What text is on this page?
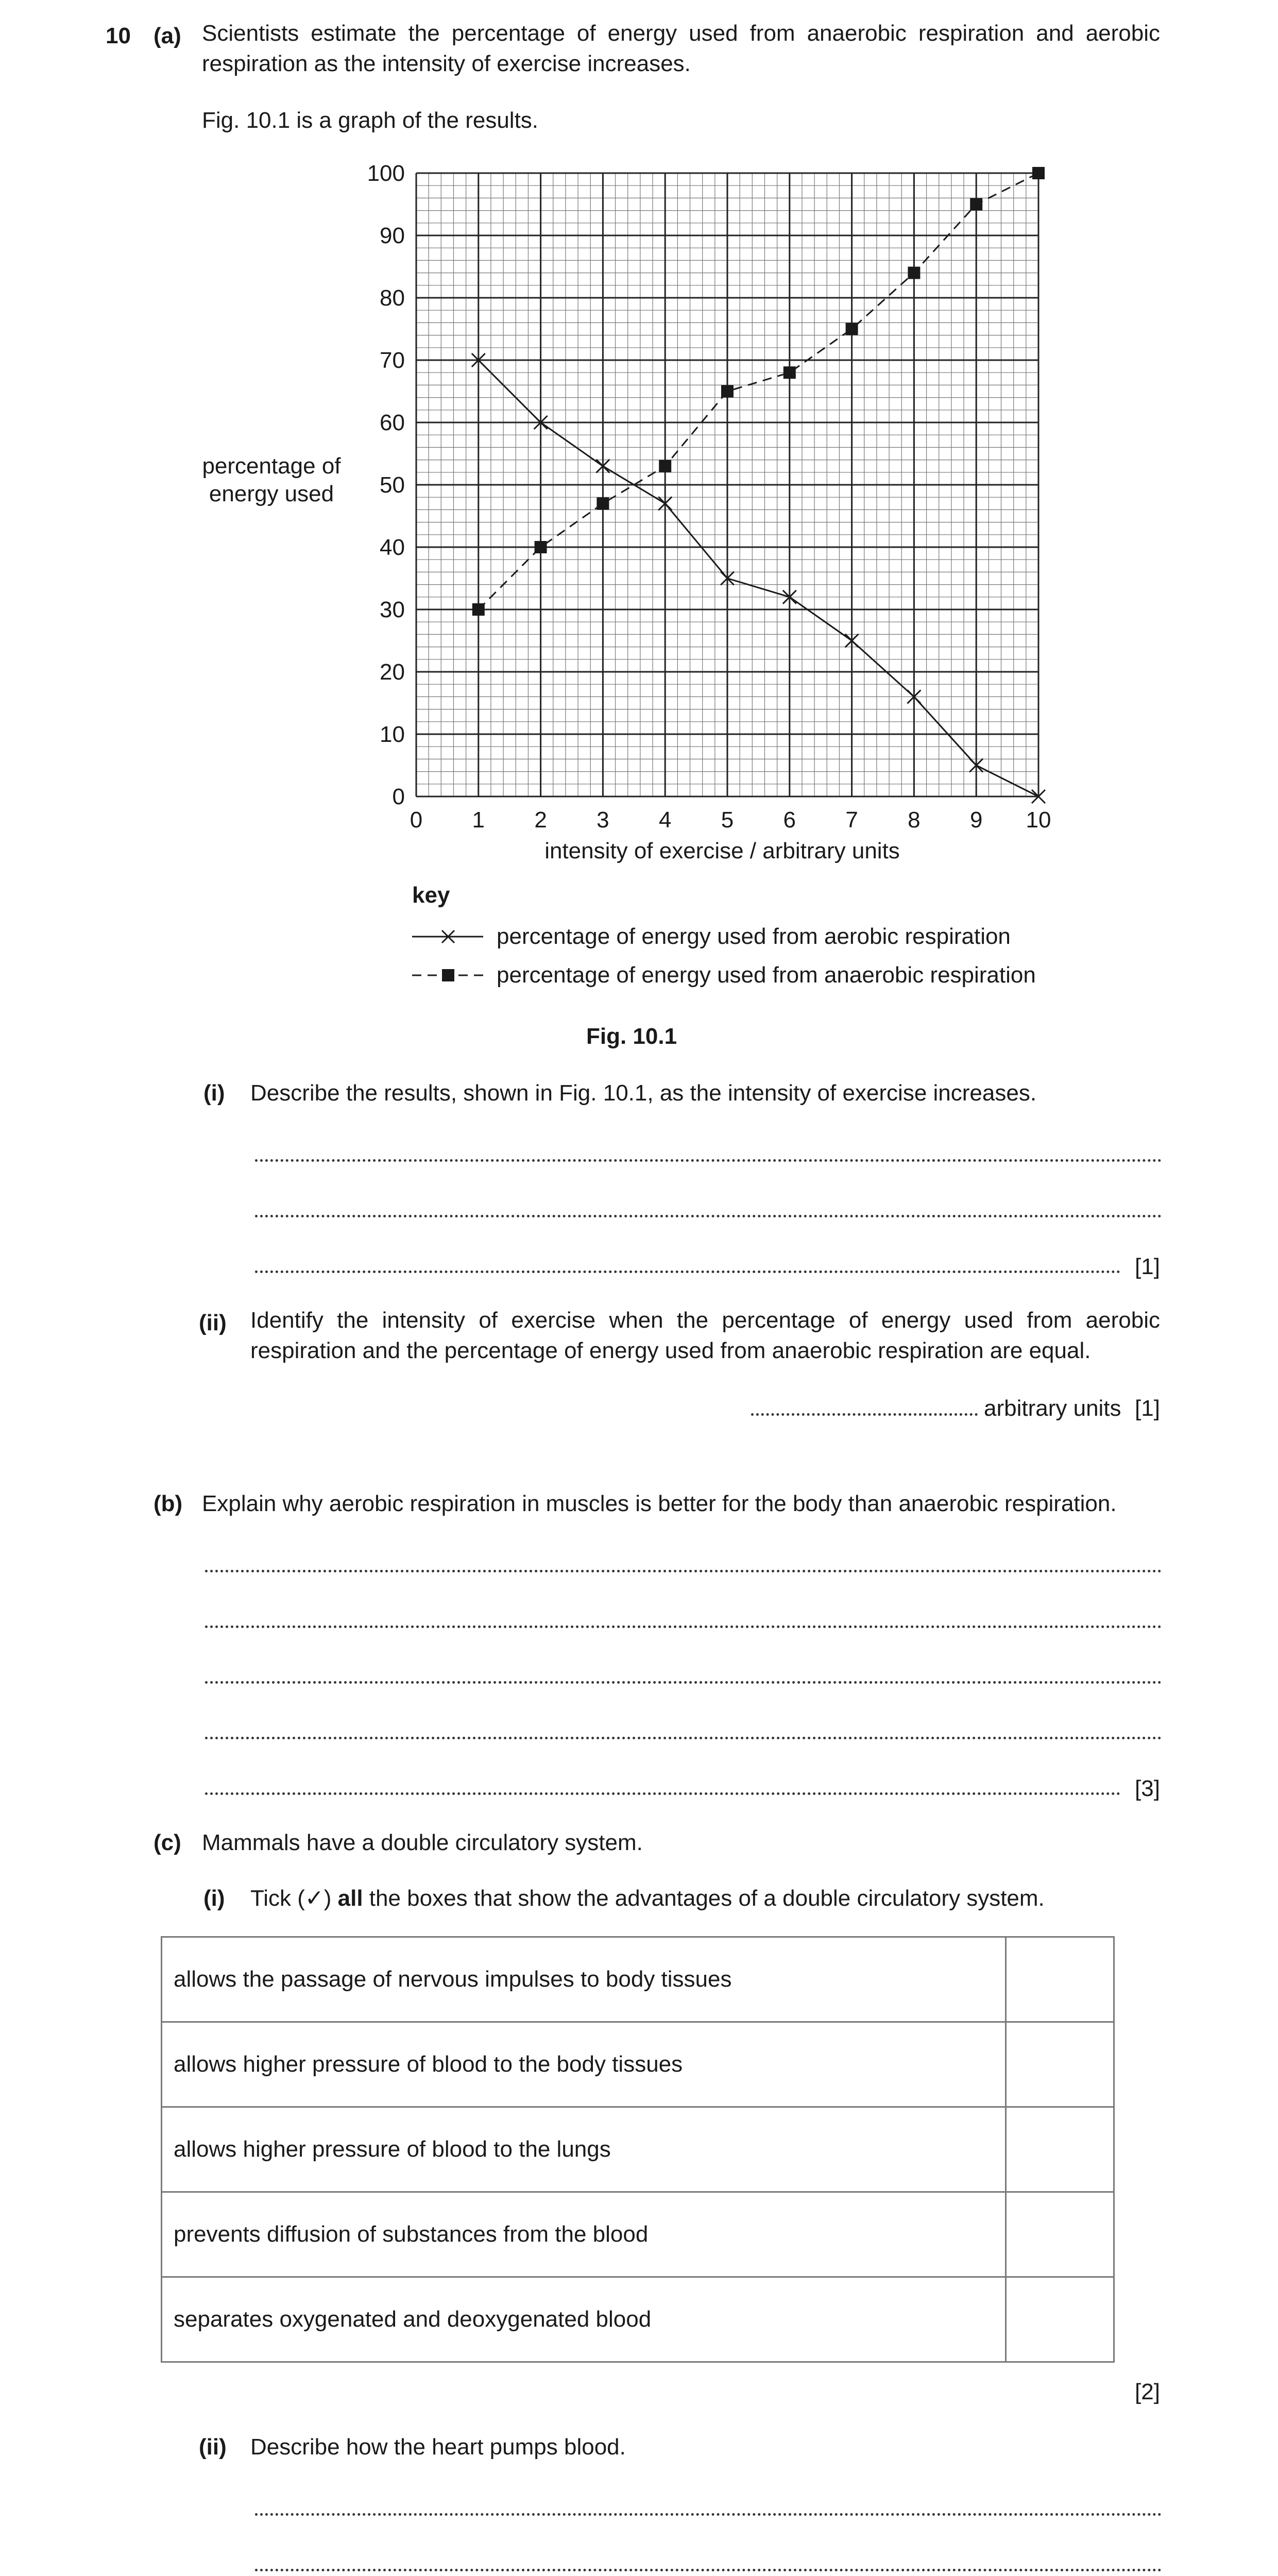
10 (a) Scientists estimate the percentage of energy used from anaerobic respiration and aerobic
respiration as the intensity of exercise increases.
Fig. 10.1 is a graph of the results.
0 1 2 3 4 5 6 7 8 9 10
0
10
20
30
40
50
60
70
80
90
100
percentage of
energy used
intensity of exercise / arbitrary units
key
percentage of energy used from aerobic respiration
percentage of energy used from anaerobic respiration
Fig. 10.1
(i) Describe the results, shown in Fig. 10.1, as the intensity of exercise increases.
[1]
(ii) Identify the intensity of exercise when the percentage of energy used from aerobic
respiration and the percentage of energy used from anaerobic respiration are equal.
arbitrary units [1]
(b) Explain why aerobic respiration in muscles is better for the body than anaerobic respiration.
[3]
(c) Mammals have a double circulatory system.
(i) Tick (✓) all the boxes that show the advantages of a double circulatory system.
allows the passage of nervous impulses to body tissues	
allows higher pressure of blood to the body tissues	
allows higher pressure of blood to the lungs	
prevents diffusion of substances from the blood	
separates oxygenated and deoxygenated blood	
[2]
(ii) Describe how the heart pumps blood.
